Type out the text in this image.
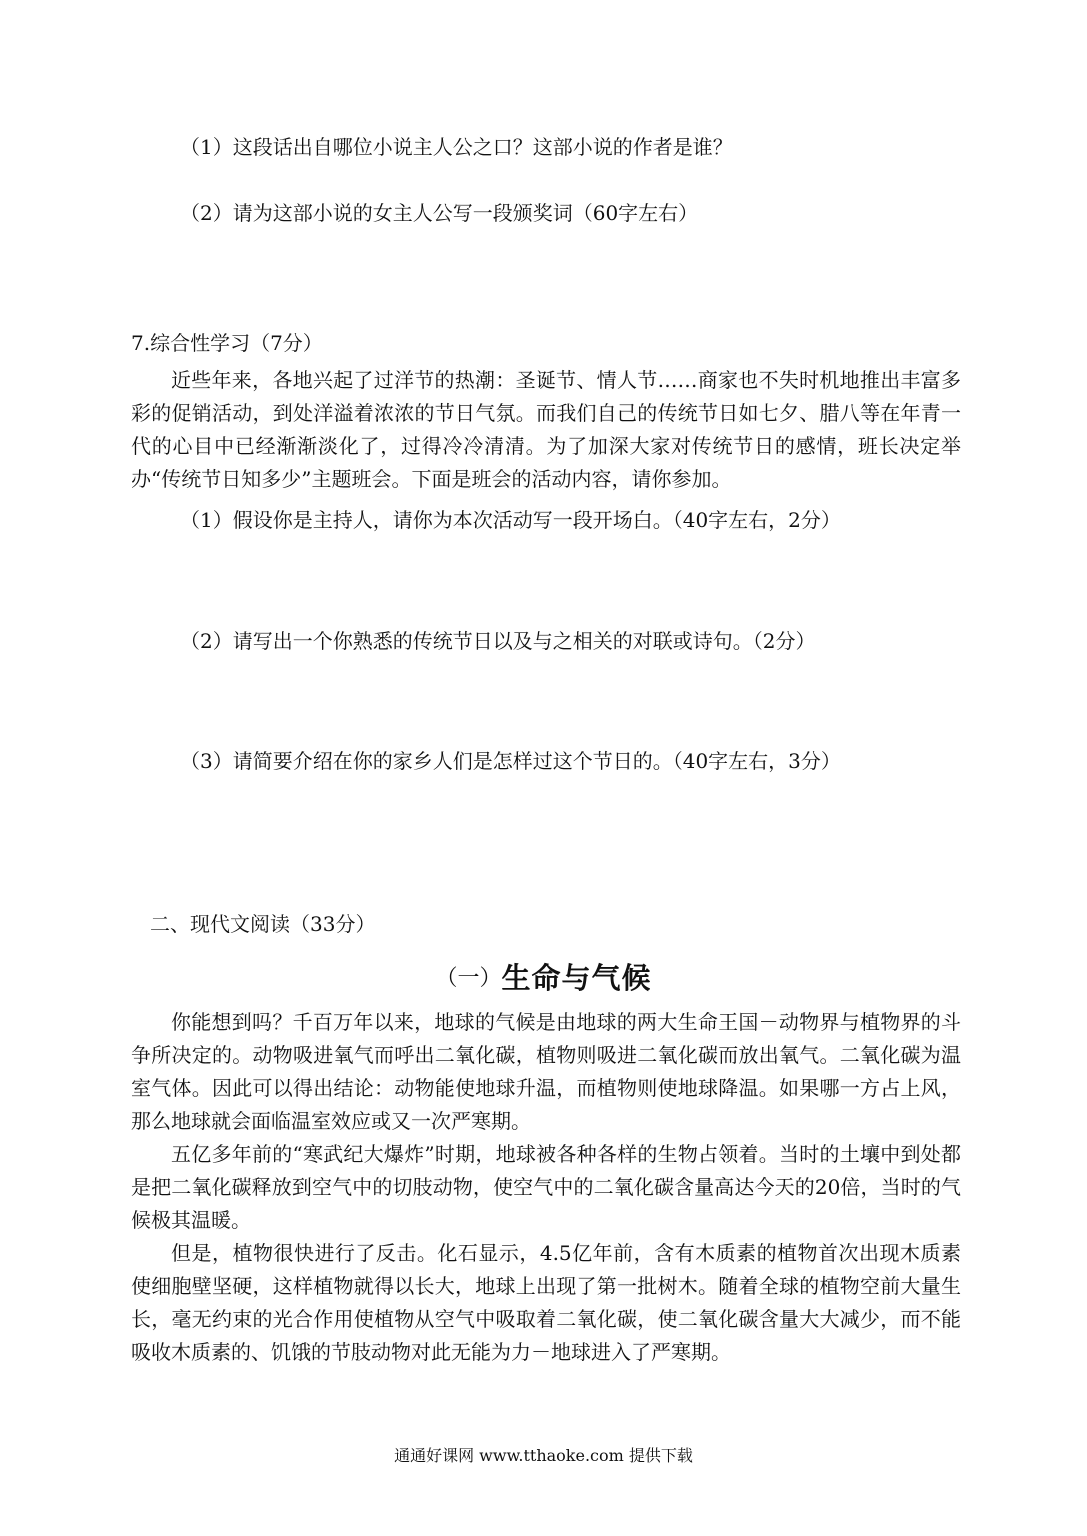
（1）这段话出自哪位小说主人公之口？这部小说的作者是谁？
（2）请为这部小说的女主人公写一段颁奖词（60字左右）
7.综合性学习（7分）
近些年来，各地兴起了过洋节的热潮：圣诞节、情人节……商家也不失时机地推出丰富多彩的促销活动，到处洋溢着浓浓的节日气氛。而我们自己的传统节日如七夕、腊八等在年青一代的心目中已经渐渐淡化了，过得冷冷清清。为了加深大家对传统节日的感情，班长决定举办“传统节日知多少”主题班会。下面是班会的活动内容，请你参加。
（1）假设你是主持人，请你为本次活动写一段开场白。（40字左右，2分）
（2）请写出一个你熟悉的传统节日以及与之相关的对联或诗句。（2分）
（3）请简要介绍在你的家乡人们是怎样过这个节日的。（40字左右，3分）
二、现代文阅读（33分）
（一）生命与气候
你能想到吗？千百万年以来，地球的气候是由地球的两大生命王国－动物界与植物界的斗争所决定的。动物吸进氧气而呼出二氧化碳，植物则吸进二氧化碳而放出氧气。二氧化碳为温室气体。因此可以得出结论：动物能使地球升温，而植物则使地球降温。如果哪一方占上风，那么地球就会面临温室效应或又一次严寒期。
五亿多年前的“寒武纪大爆炸”时期，地球被各种各样的生物占领着。当时的土壤中到处都是把二氧化碳释放到空气中的切肢动物，使空气中的二氧化碳含量高达今天的20倍，当时的气候极其温暖。
但是，植物很快进行了反击。化石显示，4.5亿年前，含有木质素的植物首次出现木质素使细胞壁坚硬，这样植物就得以长大，地球上出现了第一批树木。随着全球的植物空前大量生长，毫无约束的光合作用使植物从空气中吸取着二氧化碳，使二氧化碳含量大大减少，而不能吸收木质素的、饥饿的节肢动物对此无能为力－地球进入了严寒期。
通通好课网 www.tthaoke.com 提供下载
